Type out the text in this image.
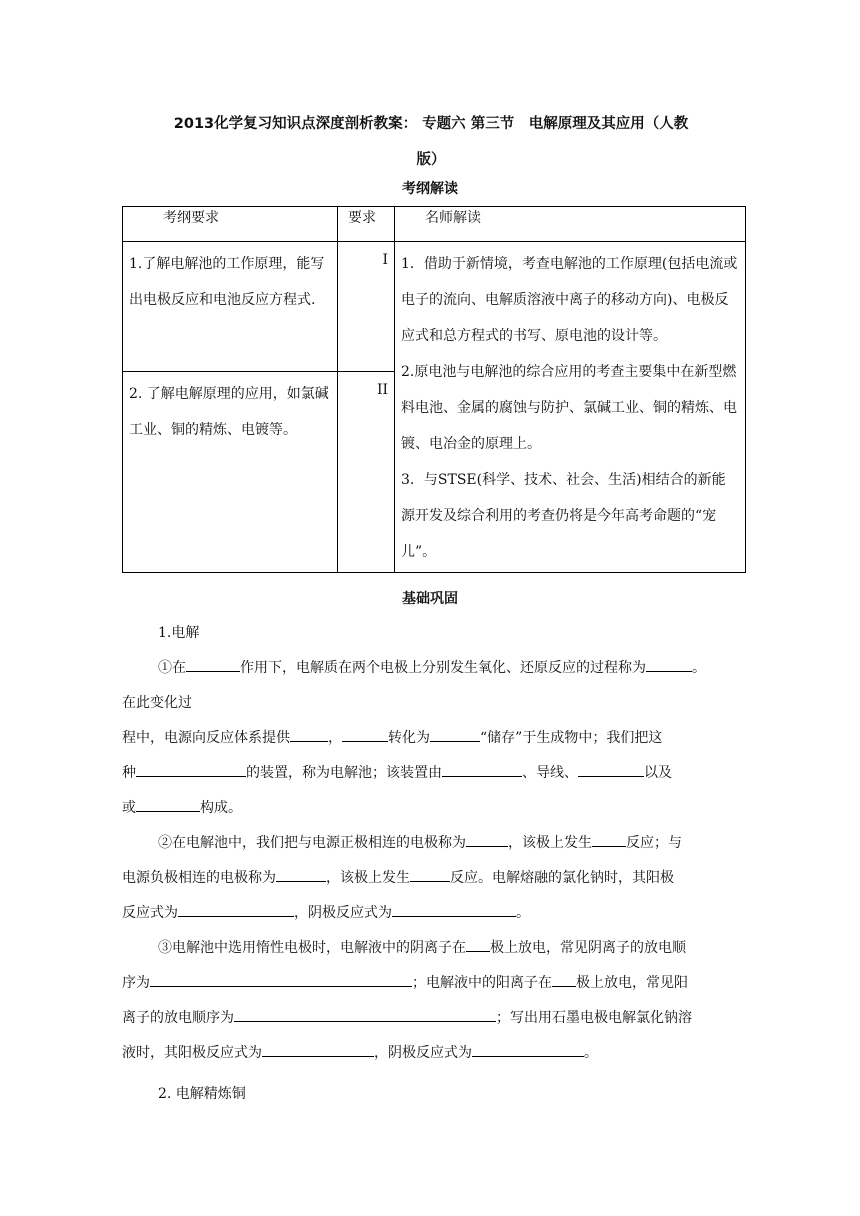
2013化学复习知识点深度剖析教案： 专题六 第三节　电解原理及其应用（人教
版）
考纲解读
考纲要求	要求	名师解读

1.了解电解池的工作原理，能写出电极反应和电池反应方程式.	I	1．借助于新情境，考查电解池的工作原理(包括电流或电子的流向、电解质溶液中离子的移动方向)、电极反应式和总方程式的书写、原电池的设计等。
2.原电池与电解池的综合应用的考查主要集中在新型燃料电池、金属的腐蚀与防护、氯碱工业、铜的精炼、电镀、电冶金的原理上。
3．与STSE(科学、技术、社会、生活)相结合的新能源开发及综合利用的考查仍将是今年高考命题的“宠儿”。

2. 了解电解原理的应用，如氯碱工业、铜的精炼、电镀等。	II	
基础巩固
1.电解
①在	作用下，电解质在两个电极上分别发生氧化、还原反应的过程称为	。
在此变化过
程中，电源向反应体系提供	，	转化为	“储存”于生成物中；我们把这
种	的装置，称为电解池；该装置由	、导线、	以及
或	构成。
②在电解池中，我们把与电源正极相连的电极称为	，该极上发生 反应；与
电源负极相连的电极称为	，该极上发生	反应。电解熔融的氯化钠时，其阳极
反应式为	，阴极反应式为	。
③电解池中选用惰性电极时，电解液中的阴离子在 极上放电，常见阴离子的放电顺
序为	；电解液中的阳离子在 极上放电，常见阳
离子的放电顺序为	；写出用石墨电极电解氯化钠溶
液时，其阳极反应式为	，阴极反应式为	。
2. 电解精炼铜
